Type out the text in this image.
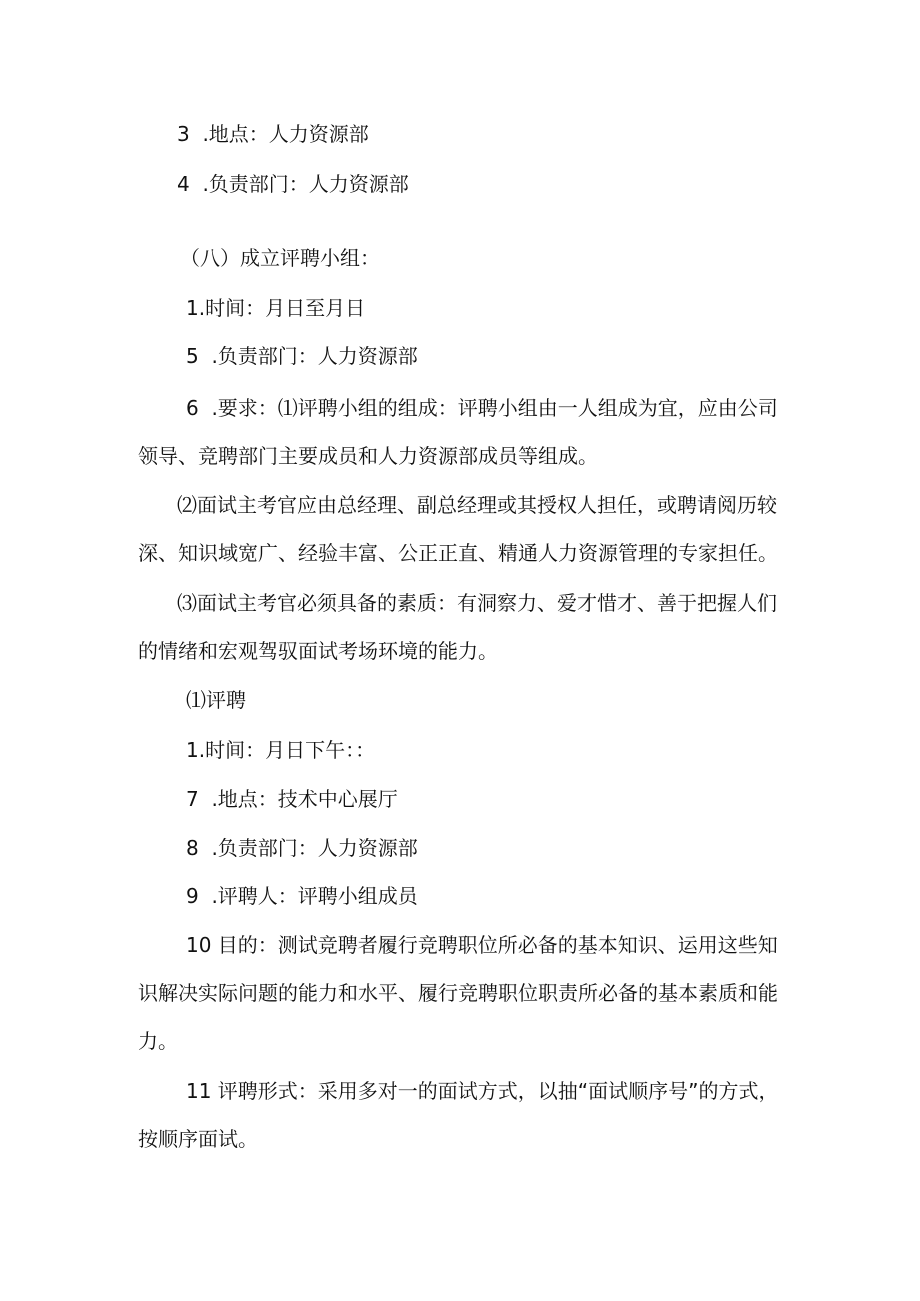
3  .地点：人力资源部

4  .负责部门：人力资源部

（八）成立评聘小组：

1.时间：月日至月日

5  .负责部门：人力资源部

6  .要求：⑴评聘小组的组成：评聘小组由一人组成为宜，应由公司

领导、竞聘部门主要成员和人力资源部成员等组成。

⑵面试主考官应由总经理、副总经理或其授权人担任，或聘请阅历较

深、知识域宽广、经验丰富、公正正直、精通人力资源管理的专家担任。

⑶面试主考官必须具备的素质：有洞察力、爱才惜才、善于把握人们

的情绪和宏观驾驭面试考场环境的能力。

⑴评聘

1.时间：月日下午：：

7  .地点：技术中心展厅

8  .负责部门：人力资源部

9  .评聘人：评聘小组成员

10 目的：测试竞聘者履行竞聘职位所必备的基本知识、运用这些知

识解决实际问题的能力和水平、履行竞聘职位职责所必备的基本素质和能

力。

11 评聘形式：采用多对一的面试方式，以抽“面试顺序号”的方式，

按顺序面试。
